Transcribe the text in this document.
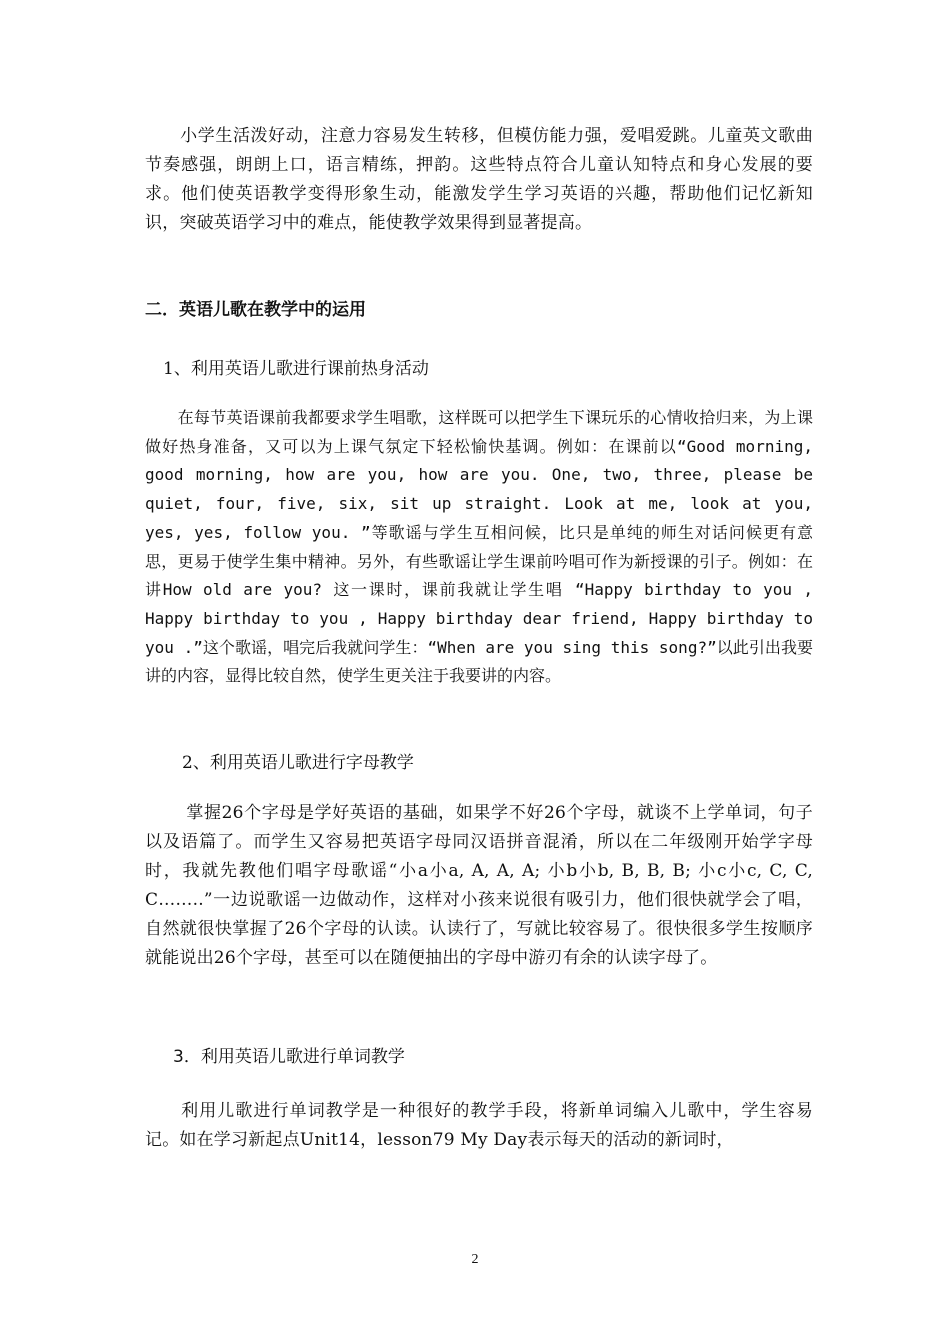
　　小学生活泼好动，注意力容易发生转移，但模仿能力强，爱唱爱跳。儿童英文歌曲节奏感强，朗朗上口，语言精练，押韵。这些特点符合儿童认知特点和身心发展的要求。他们使英语教学变得形象生动，能激发学生学习英语的兴趣，帮助他们记忆新知识，突破英语学习中的难点，能使教学效果得到显著提高。

二．英语儿歌在教学中的运用

1、利用英语儿歌进行课前热身活动

　　在每节英语课前我都要求学生唱歌，这样既可以把学生下课玩乐的心情收拾归来，为上课做好热身准备，又可以为上课气氛定下轻松愉快基调。例如：在课前以“Good morning, good morning, how are you, how are you. One, two, three, please be quiet, four, five, six, sit up straight. Look at me, look at you, yes, yes, follow you. ”等歌谣与学生互相问候，比只是单纯的师生对话问候更有意思，更易于使学生集中精神。另外，有些歌谣让学生课前吟唱可作为新授课的引子。例如：在讲How old are you? 这一课时，课前我就让学生唱 “Happy birthday to you , Happy birthday to you , Happy birthday dear friend, Happy birthday to you .”这个歌谣，唱完后我就问学生：“When are you sing this song?”以此引出我要讲的内容，显得比较自然，使学生更关注于我要讲的内容。

2、利用英语儿歌进行字母教学

　　 掌握26个字母是学好英语的基础，如果学不好26个字母，就谈不上学单词，句子以及语篇了。而学生又容易把英语字母同汉语拼音混淆，所以在二年级刚开始学字母时，我就先教他们唱字母歌谣“小a小a, A, A, A; 小b小b, B, B, B; 小c小c, C, C, C……..”一边说歌谣一边做动作，这样对小孩来说很有吸引力，他们很快就学会了唱，自然就很快掌握了26个字母的认读。认读行了，写就比较容易了。很快很多学生按顺序就能说出26个字母，甚至可以在随便抽出的字母中游刃有余的认读字母了。

3．利用英语儿歌进行单词教学

　　利用儿歌进行单词教学是一种很好的教学手段，将新单词编入儿歌中，学生容易记。如在学习新起点Unit14，lesson79 My Day表示每天的活动的新词时，

2
